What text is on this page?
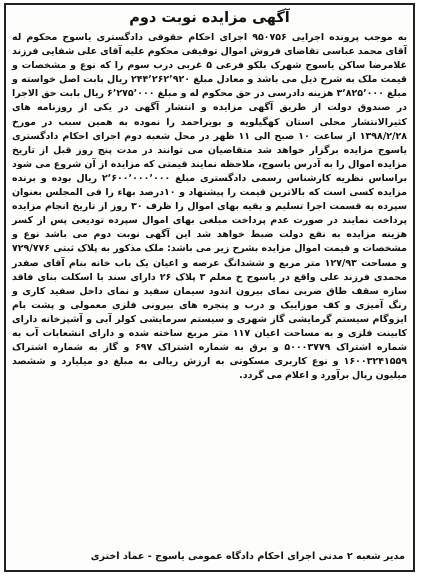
آگهی مزایده نوبت دوم

به موجب پرونده اجرایی ۹۵۰۷۵۶ اجرای احکام حقوقی دادگستری یاسوج محکوم له آقای محمد عباسی تقاضای فروش اموال توقیفی محکوم علیه آقای علی شفایی فرزند غلامرضا ساکن یاسوج شهرک بلکو فرعی ۵ غربی درب سوم را که نوع و مشخصات و قیمت ملک به شرح ذیل می باشد و معادل مبلغ ۲۴۴٬۲۶۲٬۹۲۰ ریال بابت اصل خواسته و مبلغ ۳٬۸۲۵٬۰۰۰ هزینه دادرسی در حق محکوم له و مبلغ ۶٬۲۷۵٬۰۰۰ ریال بابت حق الاجرا در صندوق دولت از طریق آگهی مزایده و انتشار آگهی در یکی از روزنامه های کثیرالانتشار محلی استان کهگیلویه و بویراحمد را نموده به همین سبب در مورخ ۱۳۹۸/۲/۲۸ از ساعت ۱۰ صبح الی ۱۱ ظهر در محل شعبه دوم اجرای احکام دادگستری یاسوج مزایده برگزار خواهد شد متقاضیان می توانند در مدت پنج روز قبل از تاریخ مزایده اموال را به آدرس یاسوج، ملاحظه نمایند قیمتی که مزایده از آن شروع می شود براساس نظریه کارشناس رسمی دادگستری مبلغ ۲٬۶۰۰٬۰۰۰٬۰۰۰ ریال بوده و برنده مزایده کسی است که بالاترین قیمت را پیشنهاد و ۱۰درصد بهاء را فی المجلس بعنوان سپرده به قسمت اجرا تسلیم و بقیه بهای اموال را ظرف ۳۰ روز از تاریخ انجام مزایده پرداخت نمایند در صورت عدم پرداخت مبلغی بهای اموال سپرده تودیعی پس از کسر هزینه مزایده به نفع دولت ضبط خواهد شد این آگهی نوبت دوم می باشد نوع و مشخصات و قیمت اموال مزایده بشرح زیر می باشد: ملک مذکور به پلاک ثبتی ۷۲۹/۷۷۶ و مساحت ۱۲۷/۹۳ متر مربع و ششدانگ عرصه و اعیان یک باب خانه بنام آقای صفدر محمدی فرزند علی واقع در یاسوج خ معلم ۳ پلاک ۲۶ دارای سند با اسکلت بنای فاقد سازه سقف طاق ضربی نمای بیرون اندود سیمان سفید و نمای داخل سفید کاری و رنگ آمیزی و کف موزاییک و درب و پنجره های بیرونی فلزی معمولی و پشت بام ایزوگام سیستم گرمایشی گاز شهری و سیستم سرمایشی کولر آبی و آشپزخانه دارای کابینت فلزی و به مساحت اعیان ۱۱۷ متر مربع ساخته شده و دارای انشعابات آب به شماره اشتراک ۵۰۰۰۳۷۷۹ و برق به شماره اشتراک ۶۹۷ و گاز به شماره اشتراک ۱۶۰۰۳۲۴۱۵۵۹ و نوع کاربری مسکونی به ارزش ریالی به مبلغ دو میلیارد و ششصد میلیون ریال برآورد و اعلام می گردد.

مدیر شعبه ۲ مدنی اجرای احکام دادگاه عمومی یاسوج - عماد اختری
